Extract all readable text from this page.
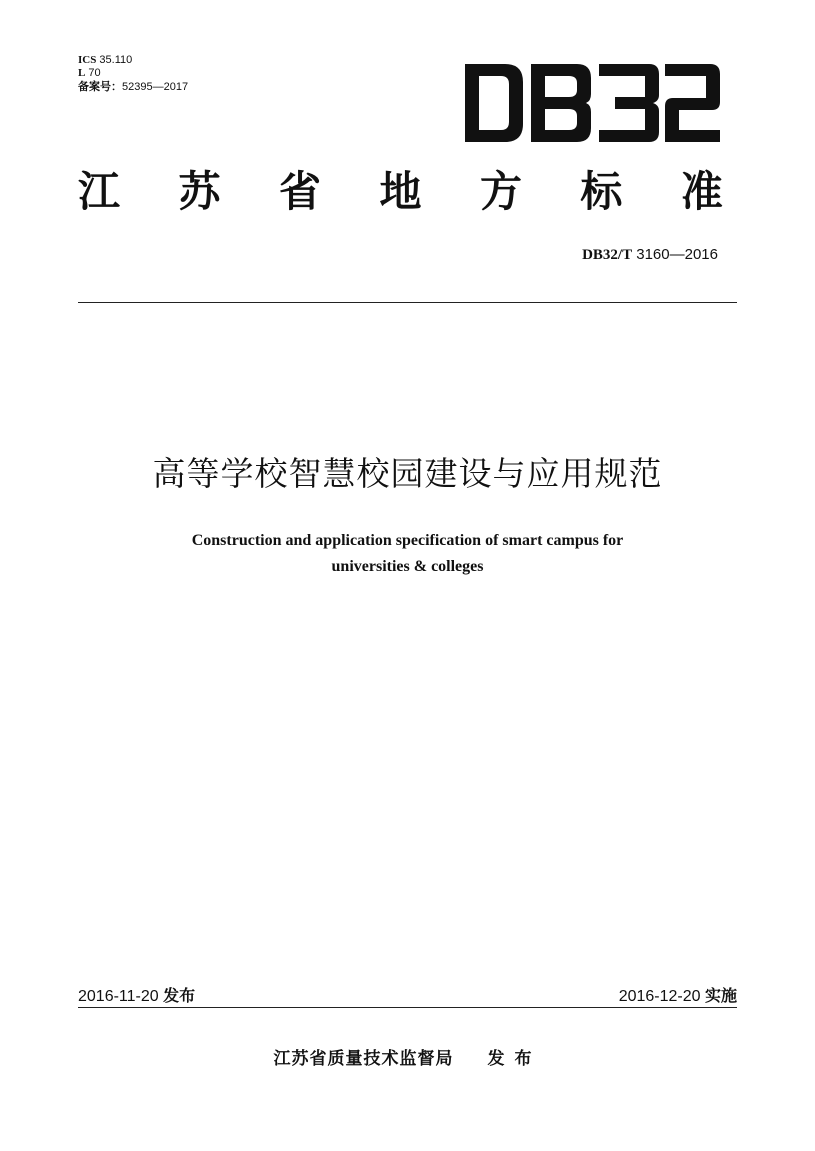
ICS 35.110
L 70
备案号：52395—2017
江 苏 省 地 方 标 准
DB32/T 3160—2016
高等学校智慧校园建设与应用规范
Construction and application specification of smart campus for
universities & colleges
2016-11-20 发布	2016-12-20 实施
江苏省质量技术监督局 发布
